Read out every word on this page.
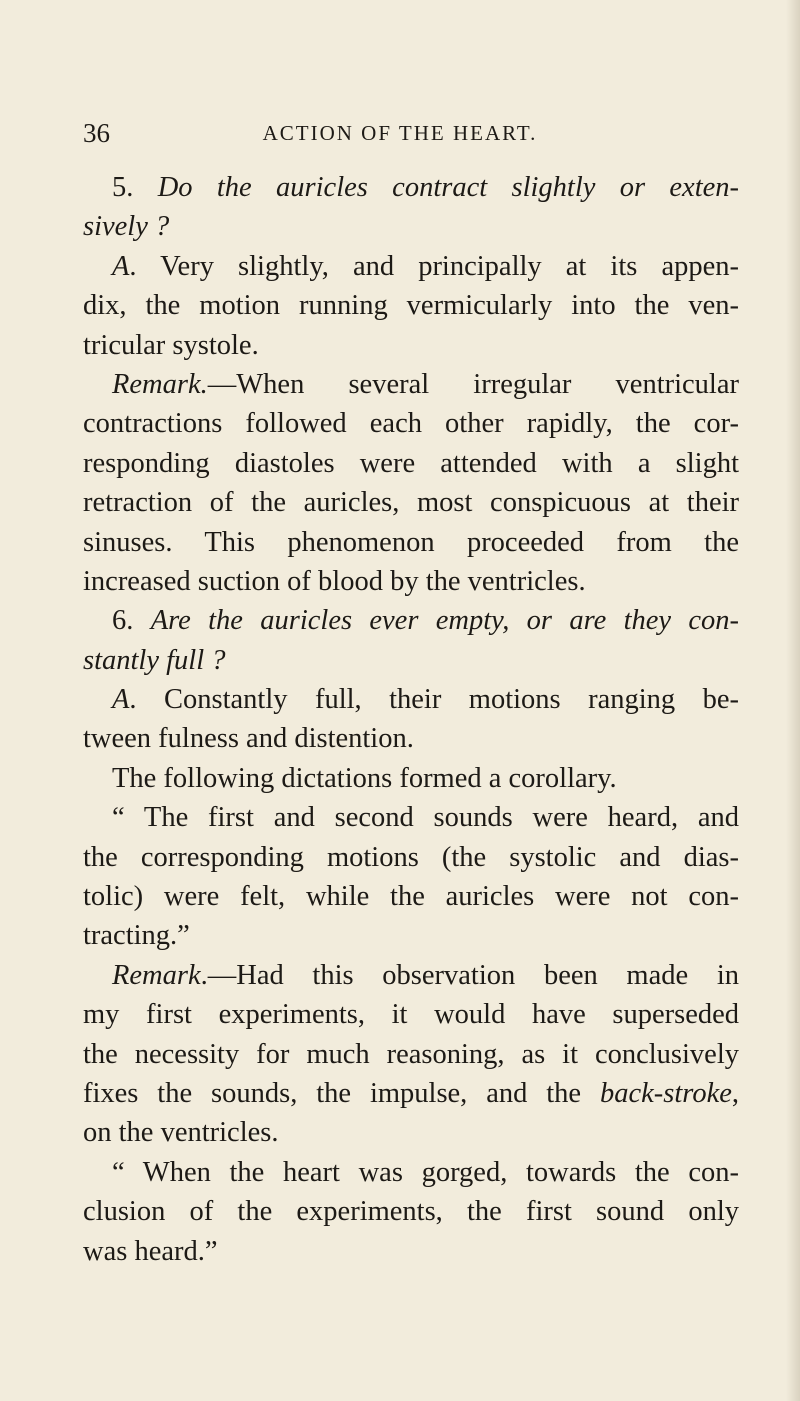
36	ACTION OF THE HEART.
5. Do the auricles contract slightly or exten-
sively ?
A. Very slightly, and principally at its appen-
dix, the motion running vermicularly into the ven-
tricular systole.
Remark.—When several irregular ventricular
contractions followed each other rapidly, the cor-
responding diastoles were attended with a slight
retraction of the auricles, most conspicuous at their
sinuses. This phenomenon proceeded from the
increased suction of blood by the ventricles.
6. Are the auricles ever empty, or are they con-
stantly full ?
A. Constantly full, their motions ranging be-
tween fulness and distention.
The following dictations formed a corollary.
“ The first and second sounds were heard, and
the corresponding motions (the systolic and dias-
tolic) were felt, while the auricles were not con-
tracting.”
Remark.—Had this observation been made in
my first experiments, it would have superseded
the necessity for much reasoning, as it conclusively
fixes the sounds, the impulse, and the back-stroke,
on the ventricles.
“ When the heart was gorged, towards the con-
clusion of the experiments, the first sound only
was heard.”
